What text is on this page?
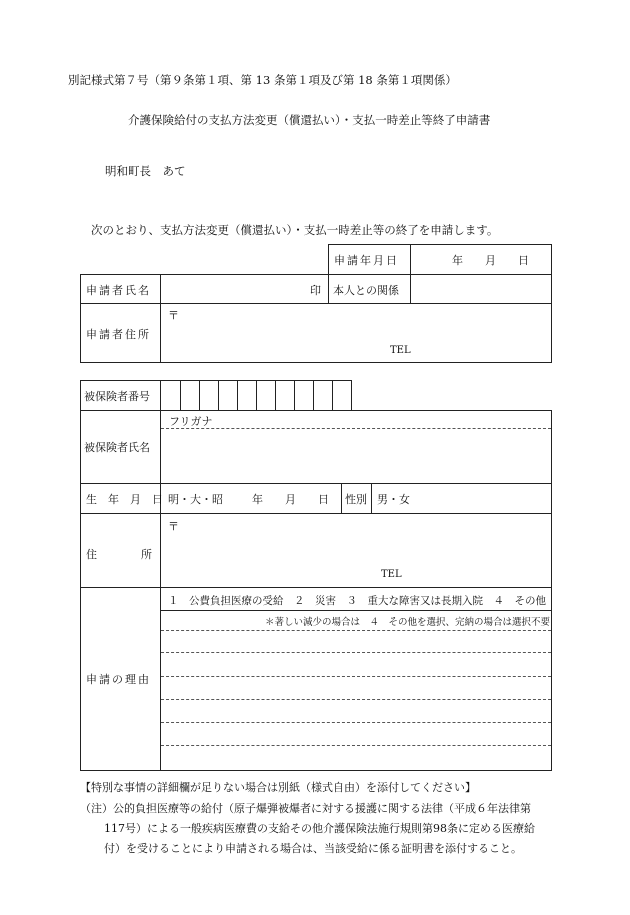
別記様式第７号（第９条第１項、第 13 条第１項及び第 18 条第１項関係）
介護保険給付の支払方法変更（償還払い）・支払一時差止等終了申請書
明和町長　あて
次のとおり、支払方法変更（償還払い）・支払一時差止等の終了を申請します。
申請年月日	年　　月　　日
申請者氏名	印 本人との関係
申請者住所
〒
TEL
被保険者番号
被保険者氏名
フリガナ
生　年　月　日 明・大・昭	年　　月　　日 性別 男・女
住　　　　所
〒
TEL
申請の理由
１　公費負担医療の受給　２　災害　３　重大な障害又は長期入院　４　その他
＊著しい減少の場合は　４　その他を選択、完納の場合は選択不要
【特別な事情の詳細欄が足りない場合は別紙（様式自由）を添付してください】
（注）公的負担医療等の給付（原子爆弾被爆者に対する援護に関する法律（平成６年法律第
117号）による一般疾病医療費の支給その他介護保険法施行規則第98条に定める医療給
付）を受けることにより申請される場合は、当該受給に係る証明書を添付すること。
